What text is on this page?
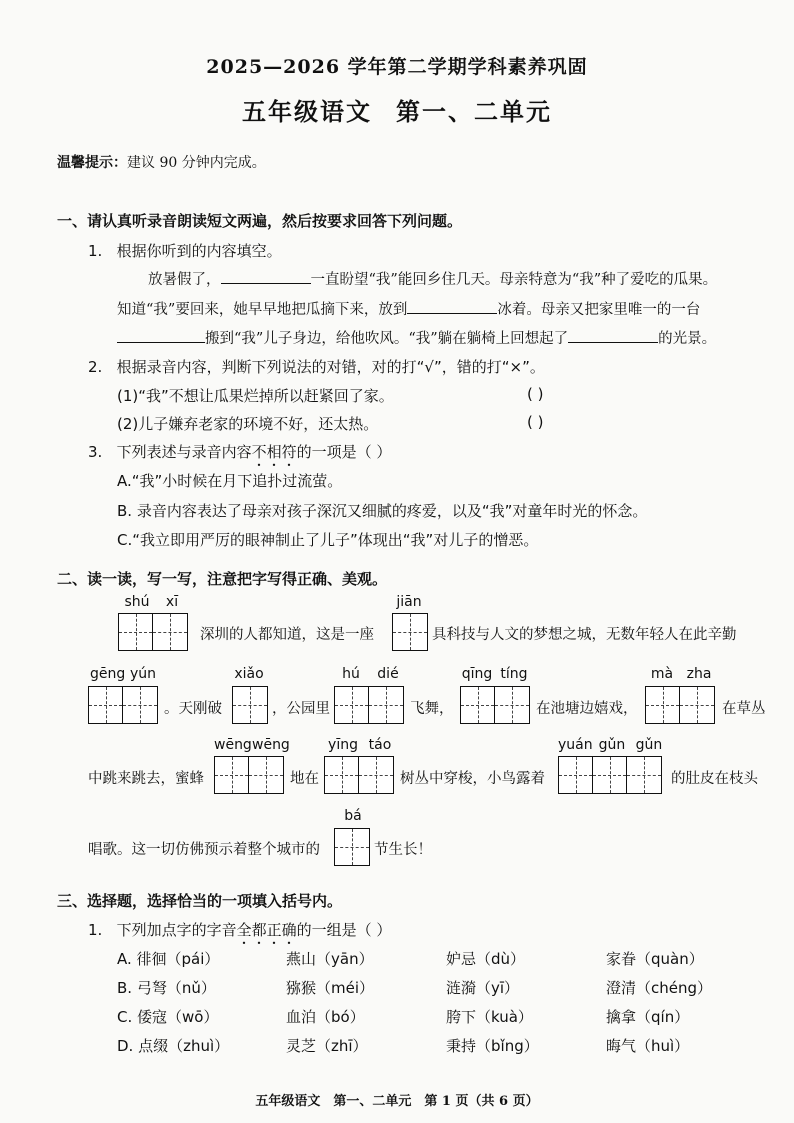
2025—2026 学年第二学期学科素养巩固
五年级语文 第一、二单元
温馨提示：建议 90 分钟内完成。
一、请认真听录音朗读短文两遍，然后按要求回答下列问题。
1. 根据你听到的内容填空。
放暑假了，	一直盼望“我”能回乡住几天。母亲特意为“我”种了爱吃的瓜果。
知道“我”要回来，她早早地把瓜摘下来，放到	冰着。母亲又把家里唯一的一台
搬到“我”儿子身边，给他吹风。“我”躺在躺椅上回想起了	的光景。
2. 根据录音内容，判断下列说法的对错，对的打“√”，错的打“×”。
(1)“我”不想让瓜果烂掉所以赶紧回了家。	( )
(2)儿子嫌弃老家的环境不好，还太热。	( )
3. 下列表述与录音内容不相符的一项是（ ）
A.“我”小时候在月下追扑过流萤。
B. 录音内容表达了母亲对孩子深沉又细腻的疼爱，以及“我”对童年时光的怀念。
C.“我立即用严厉的眼神制止了儿子”体现出“我”对儿子的憎恶。
二、读一读，写一写，注意把字写得正确、美观。
shú	xī
深圳的人都知道，这是一座
jiān
具科技与人文的梦想之城，无数年轻人在此辛勤
gēng yún
。天刚破
xiǎo
，公园里
hú	dié
飞舞，
qīng tíng
在池塘边嬉戏，
mà zha
在草丛
中跳来跳去，蜜蜂
wēng wēng
地在
yīng táo
树丛中穿梭，小鸟露着
yuán gǔn gǔn
的肚皮在枝头
唱歌。这一切仿佛预示着整个城市的
bá
节生长！
三、选择题，选择恰当的一项填入括号内。
1. 下列加点字的字音全都正确的一组是（ ）
A. 徘徊（pái）	燕山（yān）	妒忌（dù）	家眷（quàn）
B. 弓弩（nǔ）	猕猴（méi）	涟漪（yī）	澄清（chéng）
C. 倭寇（wō）	血泊（bó）	胯下（kuà）	擒拿（qín）
D. 点缀（zhuì）	灵芝（zhī）	秉持（bǐng）	晦气（huì）
五年级语文　第一、二单元　第 1 页（共 6 页）
